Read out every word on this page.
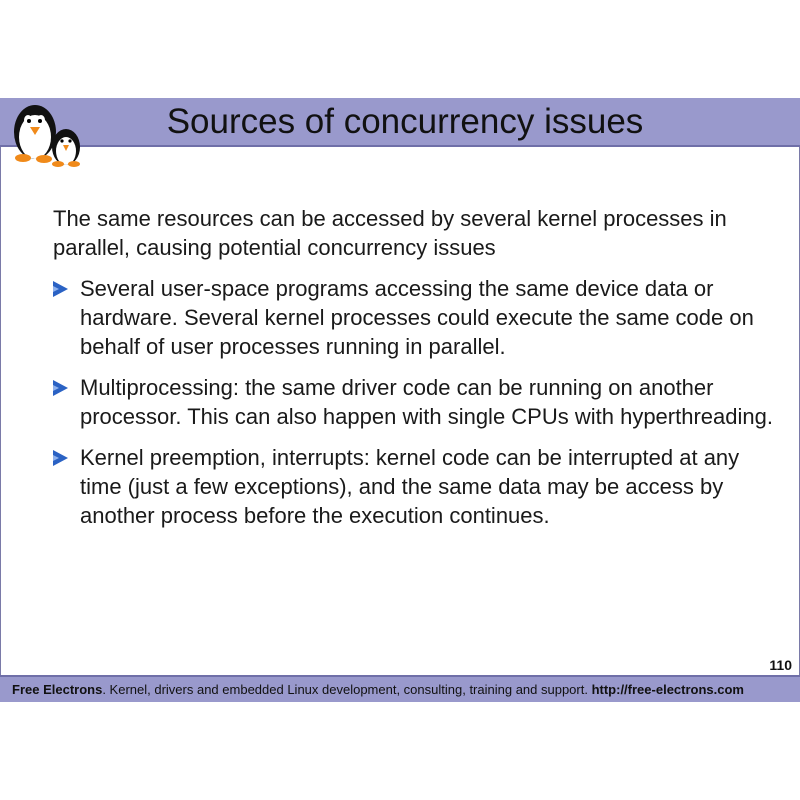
Sources of concurrency issues

The same resources can be accessed by several kernel processes in parallel, causing potential concurrency issues

Several user-space programs accessing the same device data or hardware. Several kernel processes could execute the same code on behalf of user processes running in parallel.
Multiprocessing: the same driver code can be running on another processor. This can also happen with single CPUs with hyperthreading.
Kernel preemption, interrupts: kernel code can be interrupted at any time (just a few exceptions), and the same data may be access by another process before the execution continues.
110
Free Electrons. Kernel, drivers and embedded Linux development, consulting, training and support. http://free-electrons.com
